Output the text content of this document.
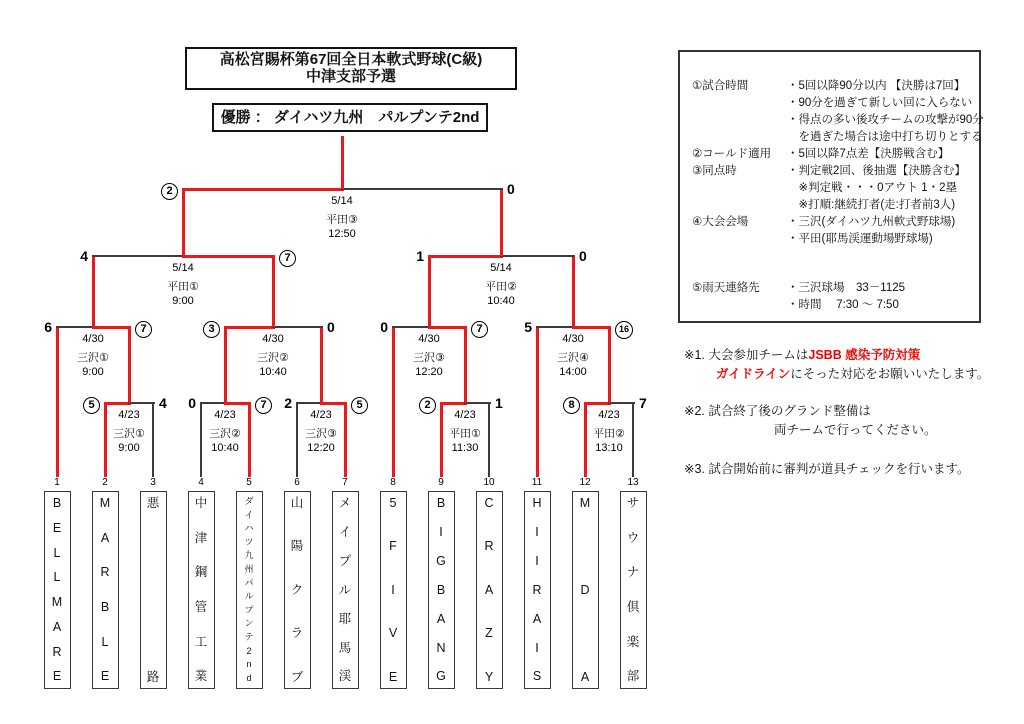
高松宮賜杯第67回全日本軟式野球(C級)
中津支部予選
優勝 ： ダイハツ九州　パルプンテ2nd
4/23
三沢①
9:00
5	4
4/23
三沢②
10:40
0	7
4/23
三沢③
12:20
2	5
4/23
平田①
11:30
2	1
4/23
平田②
13:10
8	7
4/30
三沢①
9:00
6	7
4/30
三沢②
10:40
3	0
4/30
三沢③
12:20
0	7
4/30
三沢④
14:00
5	16
5/14
平田①
9:00
4	7
5/14
平田②
10:40
1	0
5/14
平田③
12:50
2	0
1
B
E
L
L
M
A
R
E
2
M
A
R
B
L
E
3
悪
路
4
中
津
鋼
管
工
業
5
ダ
イ
ハ
ツ
九
州
パ
ル
プ
ン
テ
2
n
d
6
山
陽
ク
ラ
ブ
7
メ
イ
プ
ル
耶
馬
渓
8
5
F
I
V
E
9
B
I
G
B
A
N
G
10
C
R
A
Z
Y
11
H
I
I
R
A
I
S
12
M
D
A
13
サ
ウ
ナ
倶
楽
部
①試合時間	・5回以降90分以内 【決勝は7回】
・90分を過ぎて新しい回に入らない
・得点の多い後攻チームの攻撃が90分
　を過ぎた場合は途中打ち切りとする
②コールド適用	・5回以降7点差【決勝戦含む】
③同点時	・判定戦2回、後抽選【決勝含む】
　※判定戦・・・0アウト 1・2塁
　※打順:継続打者(走:打者前3人)
④大会会場	・三沢(ダイハツ九州軟式野球場)
・平田(耶馬渓運動場野球場)
⑤雨天連絡先	・三沢球場　33－1125
・時間　 7:30 ～ 7:50
※1. 大会参加チームはJSBB 感染予防対策
ガイドラインにそった対応をお願いいたします。
※2. 試合終了後のグランド整備は
両チームで行ってください。
※3. 試合開始前に審判が道具チェックを行います。
